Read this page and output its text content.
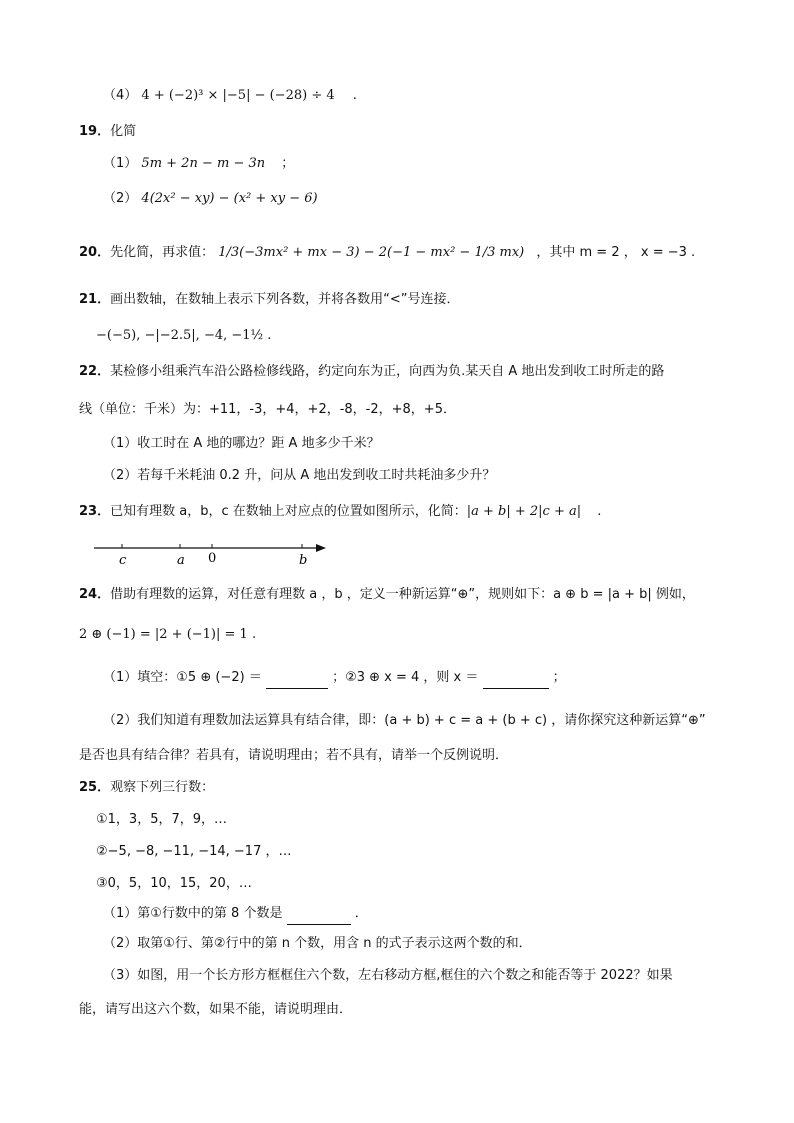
（4） 4 + (−2)³ × |−5| − (−28) ÷ 4 .
19．化简
（1） 5m + 2n − m − 3n ；
（2） 4(2x² − xy) − (x² + xy − 6)
20．先化简，再求值： 1/3(−3mx² + mx − 3) − 2(−1 − mx² − 1/3 mx) ，其中 m = 2 ， x = −3 .
21．画出数轴，在数轴上表示下列各数，并将各数用“<”号连接．
−(−5), −|−2.5|, −4, −1½ .
22．某检修小组乘汽车沿公路检修线路，约定向东为正，向西为负.某天自 A 地出发到收工时所走的路
线（单位：千米）为：+11，-3，+4，+2，-8，-2，+8，+5．
（1）收工时在 A 地的哪边？距 A 地多少千米？
（2）若每千米耗油 0.2 升，问从 A 地出发到收工时共耗油多少升？
23．已知有理数 a，b，c 在数轴上对应点的位置如图所示，化简：|a + b| + 2|c + a| .
c	a 0	b
24．借助有理数的运算，对任意有理数 a ，b ，定义一种新运算“⊕”，规则如下：a ⊕ b = |a + b| 例如，
2 ⊕ (−1) = |2 + (−1)| = 1 .
（1）填空：①5 ⊕ (−2) ＝	；②3 ⊕ x = 4 ，则 x ＝	；
（2）我们知道有理数加法运算具有结合律，即：(a + b) + c = a + (b + c) ，请你探究这种新运算“⊕”
是否也具有结合律？若具有，请说明理由；若不具有，请举一个反例说明．
25．观察下列三行数：
①1，3，5，7，9，…
②−5, −8, −11, −14, −17 ，…
③0，5，10，15，20，…
（1）第①行数中的第 8 个数是	．
（2）取第①行、第②行中的第 n 个数，用含 n 的式子表示这两个数的和．
（3）如图，用一个长方形方框框住六个数，左右移动方框,框住的六个数之和能否等于 2022？如果
能，请写出这六个数，如果不能，请说明理由．
